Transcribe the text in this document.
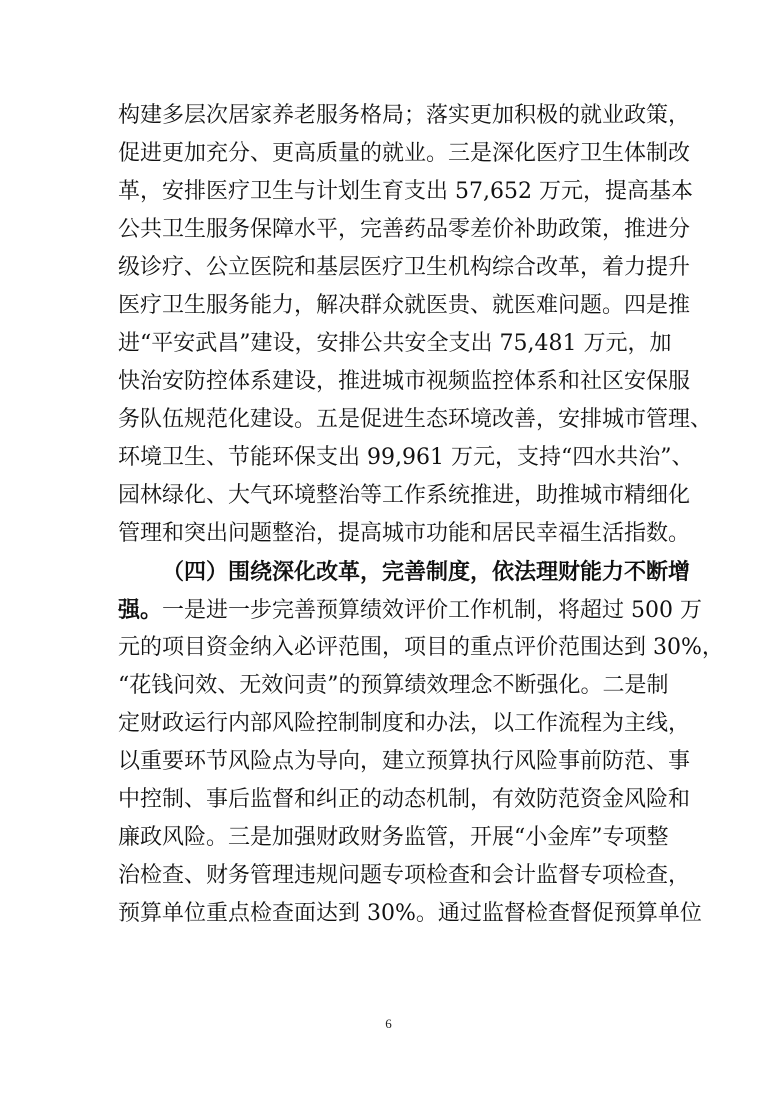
构建多层次居家养老服务格局；落实更加积极的就业政策，
促进更加充分、更高质量的就业。三是深化医疗卫生体制改
革，安排医疗卫生与计划生育支出 57,652 万元，提高基本
公共卫生服务保障水平，完善药品零差价补助政策，推进分
级诊疗、公立医院和基层医疗卫生机构综合改革，着力提升
医疗卫生服务能力，解决群众就医贵、就医难问题。四是推
进“平安武昌”建设，安排公共安全支出 75,481 万元，加
快治安防控体系建设，推进城市视频监控体系和社区安保服
务队伍规范化建设。五是促进生态环境改善，安排城市管理、
环境卫生、节能环保支出 99,961 万元，支持“四水共治”、
园林绿化、大气环境整治等工作系统推进，助推城市精细化
管理和突出问题整治，提高城市功能和居民幸福生活指数。
（四）围绕深化改革，完善制度，依法理财能力不断增
强。一是进一步完善预算绩效评价工作机制，将超过 500 万
元的项目资金纳入必评范围，项目的重点评价范围达到 30%，
“花钱问效、无效问责”的预算绩效理念不断强化。二是制
定财政运行内部风险控制制度和办法，以工作流程为主线，
以重要环节风险点为导向，建立预算执行风险事前防范、事
中控制、事后监督和纠正的动态机制，有效防范资金风险和
廉政风险。三是加强财政财务监管，开展“小金库”专项整
治检查、财务管理违规问题专项检查和会计监督专项检查，
预算单位重点检查面达到 30%。通过监督检查督促预算单位
6
